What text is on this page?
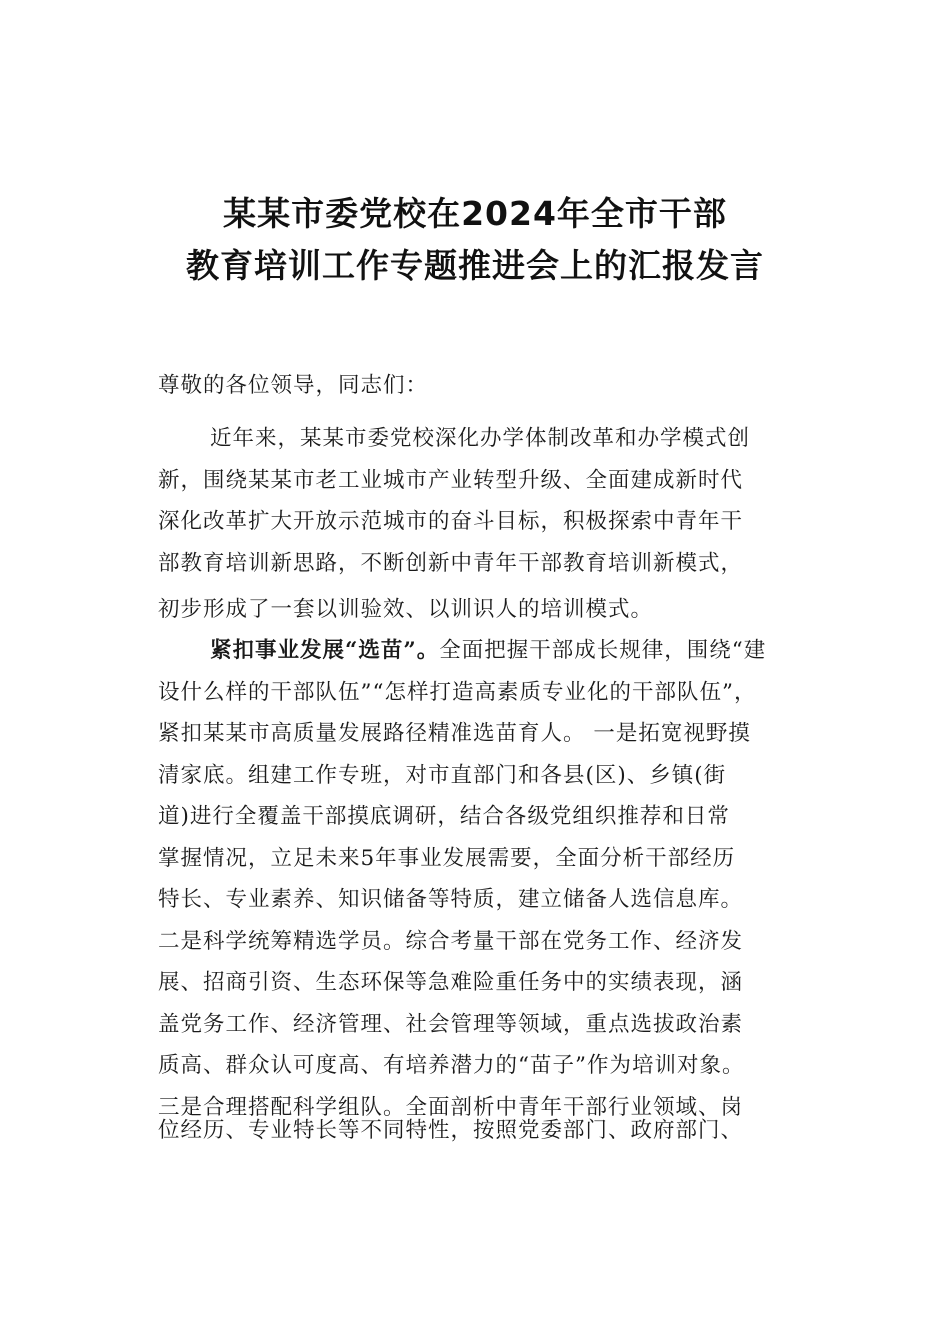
某某市委党校在2024年全市干部
教育培训工作专题推进会上的汇报发言
尊敬的各位领导，同志们：
近年来，某某市委党校深化办学体制改革和办学模式创
新，围绕某某市老工业城市产业转型升级、全面建成新时代
深化改革扩大开放示范城市的奋斗目标，积极探索中青年干
部教育培训新思路，不断创新中青年干部教育培训新模式，
初步形成了一套以训验效、以训识人的培训模式。
紧扣事业发展“选苗”。全面把握干部成长规律，围绕“建
设什么样的干部队伍”“怎样打造高素质专业化的干部队伍”，
紧扣某某市高质量发展路径精准选苗育人。 一是拓宽视野摸
清家底。组建工作专班，对市直部门和各县(区)、乡镇(街
道)进行全覆盖干部摸底调研，结合各级党组织推荐和日常
掌握情况，立足未来5年事业发展需要，全面分析干部经历
特长、专业素养、知识储备等特质，建立储备人选信息库。
二是科学统筹精选学员。综合考量干部在党务工作、经济发
展、招商引资、生态环保等急难险重任务中的实绩表现，涵
盖党务工作、经济管理、社会管理等领域，重点选拔政治素
质高、群众认可度高、有培养潜力的“苗子”作为培训对象。
三是合理搭配科学组队。全面剖析中青年干部行业领域、岗
位经历、专业特长等不同特性，按照党委部门、政府部门、
